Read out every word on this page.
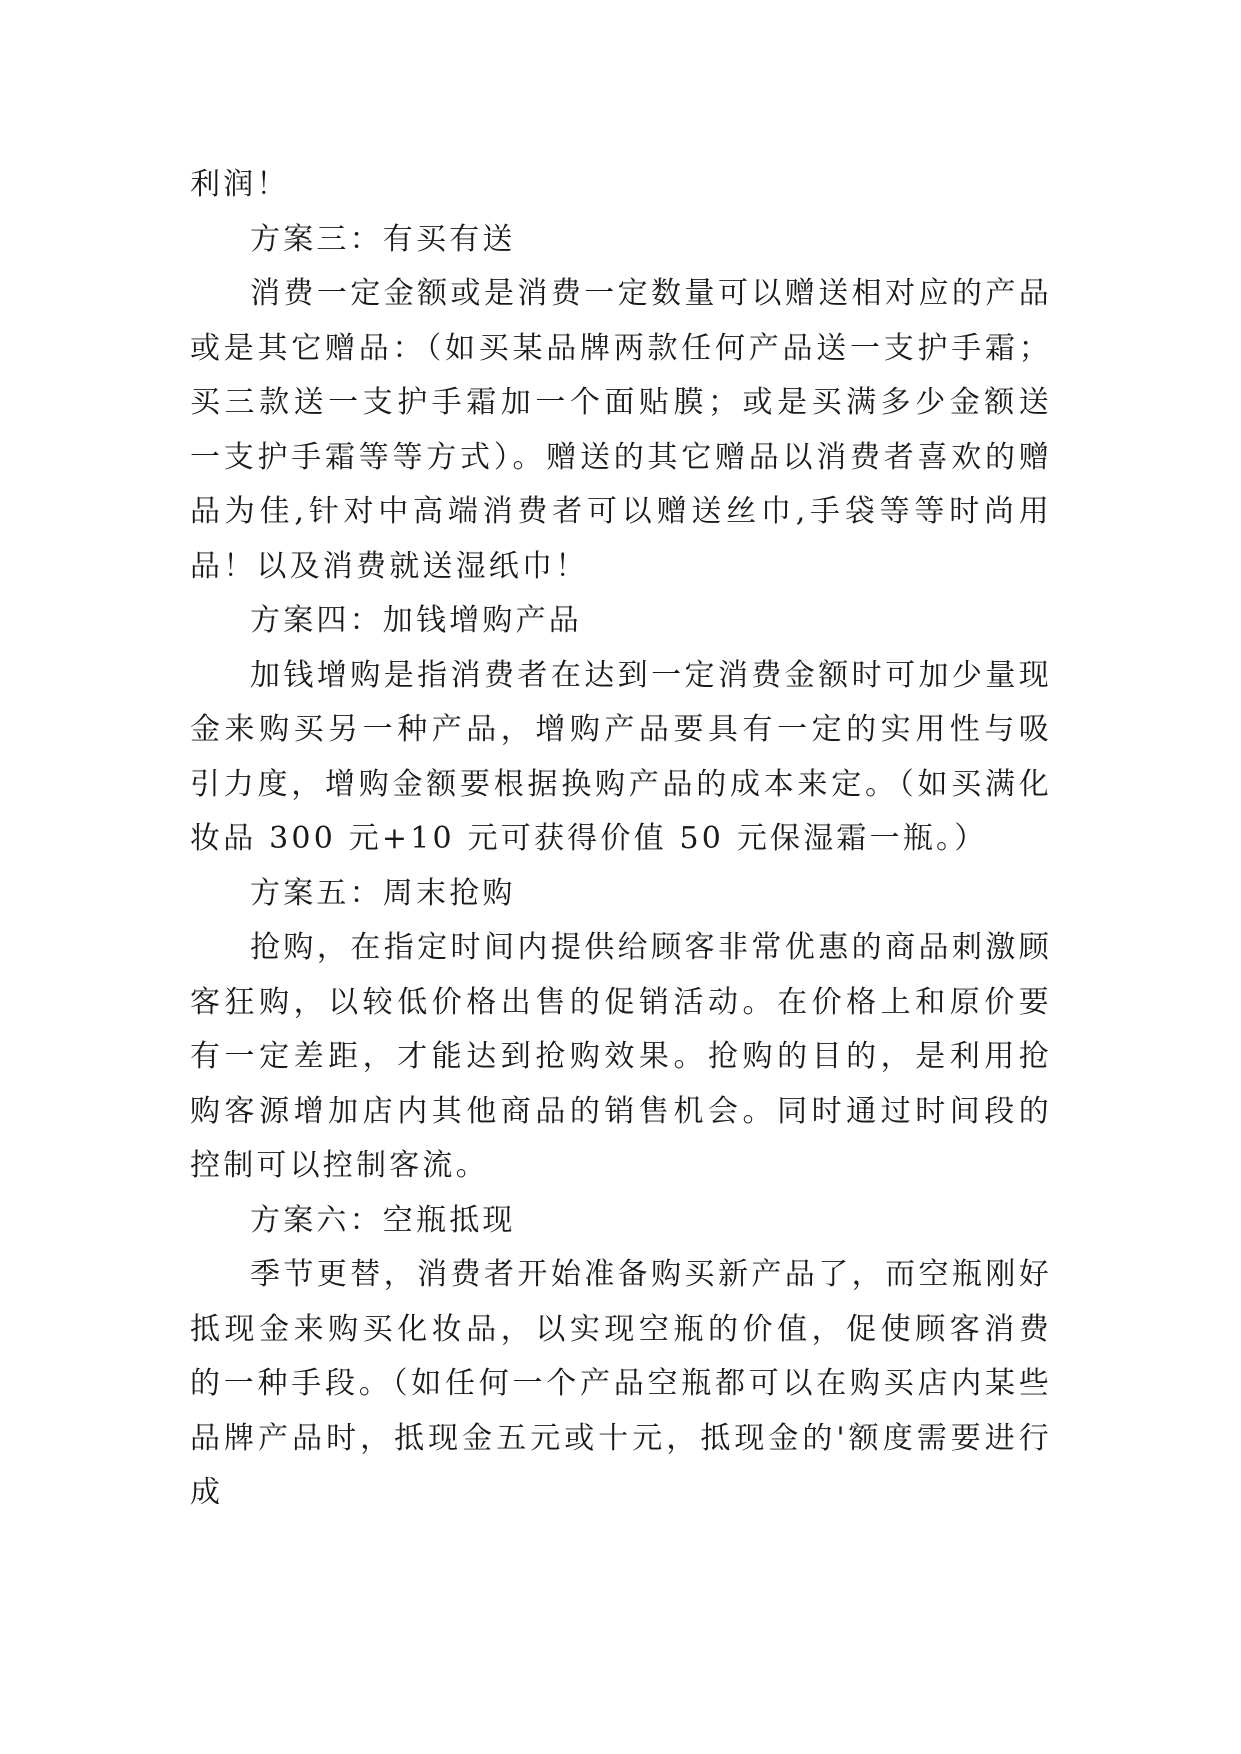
利润！

方案三：有买有送

消费一定金额或是消费一定数量可以赠送相对应的产品或是其它赠品：（如买某品牌两款任何产品送一支护手霜；买三款送一支护手霜加一个面贴膜；或是买满多少金额送一支护手霜等等方式）。赠送的其它赠品以消费者喜欢的赠品为佳,针对中高端消费者可以赠送丝巾,手袋等等时尚用品！以及消费就送湿纸巾！

方案四：加钱增购产品

加钱增购是指消费者在达到一定消费金额时可加少量现金来购买另一种产品，增购产品要具有一定的实用性与吸引力度，增购金额要根据换购产品的成本来定。（如买满化妆品 300 元+10 元可获得价值 50 元保湿霜一瓶。）

方案五：周末抢购

抢购，在指定时间内提供给顾客非常优惠的商品刺激顾客狂购，以较低价格出售的促销活动。在价格上和原价要有一定差距，才能达到抢购效果。抢购的目的，是利用抢购客源增加店内其他商品的销售机会。同时通过时间段的控制可以控制客流。

方案六：空瓶抵现

季节更替，消费者开始准备购买新产品了，而空瓶刚好抵现金来购买化妆品，以实现空瓶的价值，促使顾客消费的一种手段。（如任何一个产品空瓶都可以在购买店内某些品牌产品时，抵现金五元或十元，抵现金的'额度需要进行成
